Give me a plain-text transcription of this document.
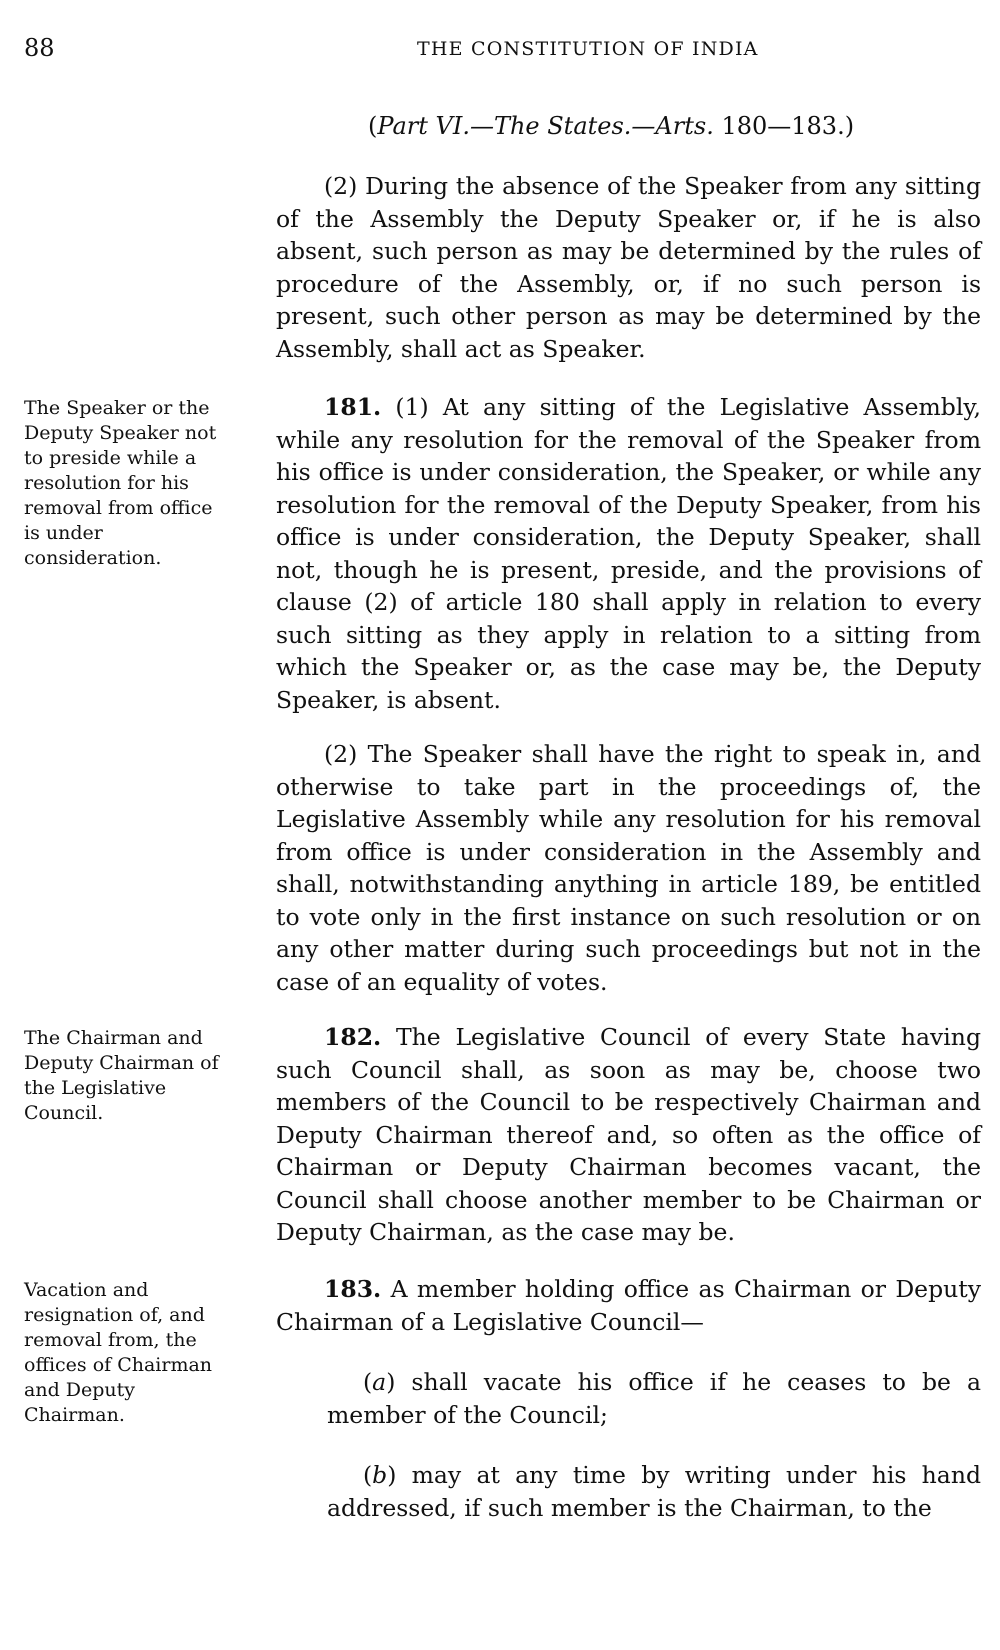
88	THE CONSTITUTION OF INDIA
(Part VI.—The States.—Arts. 180—183.)
(2) During the absence of the Speaker from any sitting of the Assembly the Deputy Speaker or, if he is also absent, such person as may be determined by the rules of procedure of the Assembly, or, if no such person is present, such other person as may be determined by the Assembly, shall act as Speaker.
The Speaker or the Deputy Speaker not to preside while a resolution for his removal from office is under consideration.
181. (1) At any sitting of the Legislative Assembly, while any resolution for the removal of the Speaker from his office is under consideration, the Speaker, or while any resolution for the removal of the Deputy Speaker, from his office is under consideration, the Deputy Speaker, shall not, though he is present, preside, and the provisions of clause (2) of article 180 shall apply in relation to every such sitting as they apply in relation to a sitting from which the Speaker or, as the case may be, the Deputy Speaker, is absent.
(2) The Speaker shall have the right to speak in, and otherwise to take part in the proceedings of, the Legislative Assembly while any resolution for his removal from office is under consideration in the Assembly and shall, notwithstanding anything in article 189, be entitled to vote only in the first instance on such resolution or on any other matter during such proceedings but not in the case of an equality of votes.
The Chairman and Deputy Chairman of the Legislative Council.
182. The Legislative Council of every State having such Council shall, as soon as may be, choose two members of the Council to be respectively Chairman and Deputy Chairman thereof and, so often as the office of Chairman or Deputy Chairman becomes vacant, the Council shall choose another member to be Chairman or Deputy Chairman, as the case may be.
Vacation and resignation of, and removal from, the offices of Chairman and Deputy Chairman.
183. A member holding office as Chairman or Deputy Chairman of a Legislative Council—
(a) shall vacate his office if he ceases to be a member of the Council;
(b) may at any time by writing under his hand addressed, if such member is the Chairman, to the
